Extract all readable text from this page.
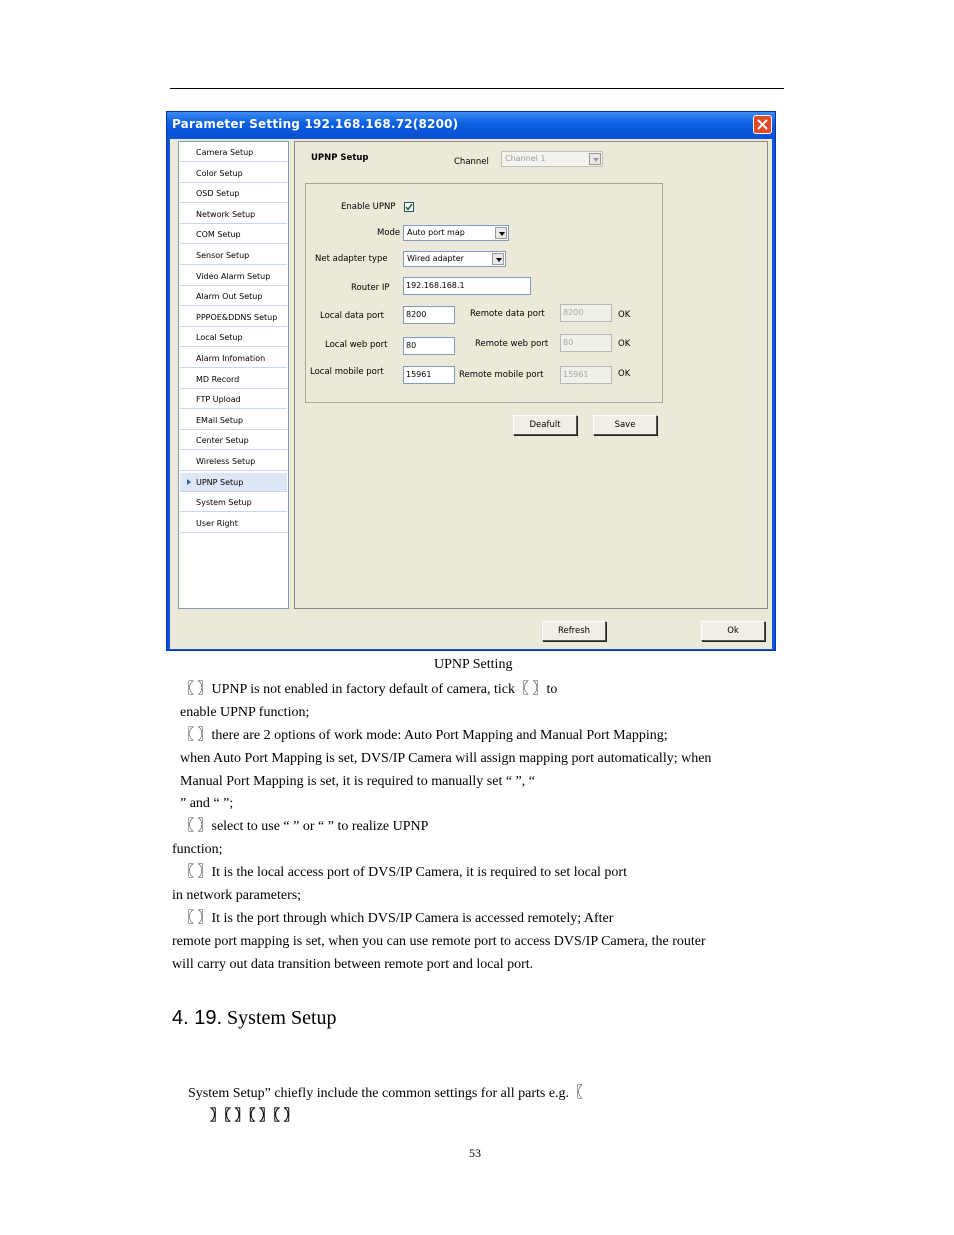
Parameter Setting 192.168.168.72(8200)
Camera Setup
Color Setup
OSD Setup
Network Setup
COM Setup
Sensor Setup
Video Alarm Setup
Alarm Out Setup
PPPOE&DDNS Setup
Local Setup
Alarm Infomation
MD Record
FTP Upload
EMail Setup
Center Setup
Wireless Setup
UPNP Setup
System Setup
User Right
UPNP Setup	Channel	Channel 1
Enable UPNP
Mode Auto port map
Net adapter type	Wired adapter
Router IP	192.168.168.1
Local data port	8200	Remote data port	8200	OK
Local web port	80	Remote web port	80	OK
Local mobile port	15961	Remote mobile port	15961	OK
Deafult	Save
Refresh	Ok
UPNP Setting
〖 〗UPNP is not enabled in factory default of camera, tick〖 〗to
enable UPNP function;
〖 〗there are 2 options of work mode: Auto Port Mapping and Manual Port Mapping;
when Auto Port Mapping is set, DVS/IP Camera will assign mapping port automatically; when
Manual Port Mapping is set, it is required to manually set “ ”, “
” and “ ”;
〖 〗select to use “ ” or “ ” to realize UPNP
function;
〖 〗It is the local access port of DVS/IP Camera, it is required to set local port
in network parameters;
〖 〗It is the port through which DVS/IP Camera is accessed remotely; After
remote port mapping is set, when you can use remote port to access DVS/IP Camera, the router
will carry out data transition between remote port and local port.
4. 19. System Setup
System Setup” chiefly include the common settings for all parts e.g.〖
〗〖 〗〖 〗〖 〗
53
